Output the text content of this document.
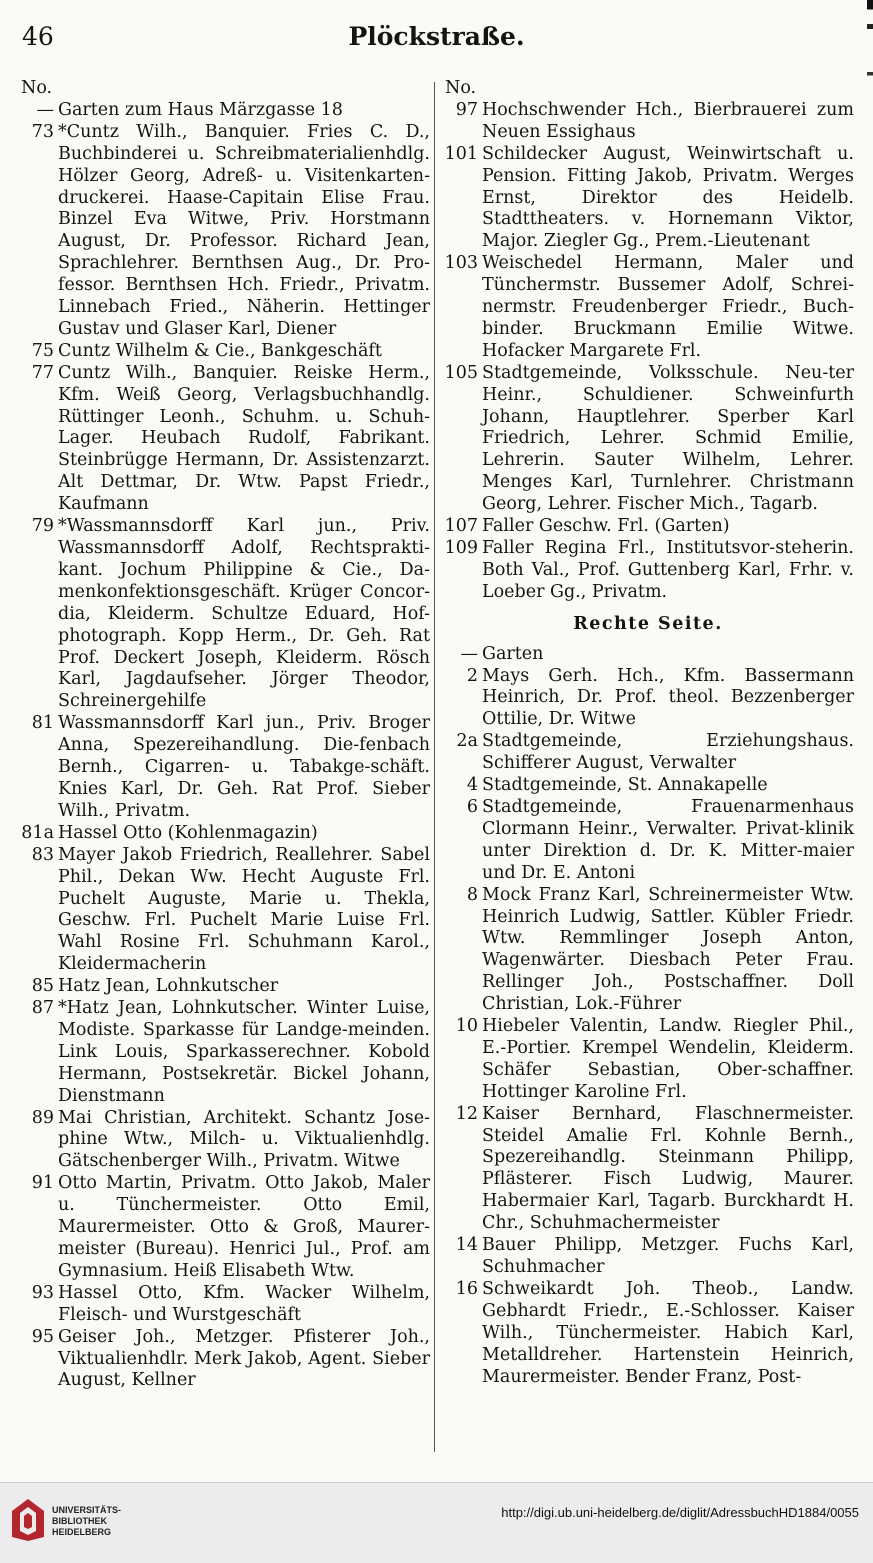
46	Plöckstraße.
No.
— Garten zum Haus Märzgasse 18
73 *Cuntz Wilh., Banquier. Fries C. D., Buchbinderei u. Schreibmaterialienhdlg. Hölzer Georg, Adreß- u. Visitenkarten-druckerei. Haase-Capitain Elise Frau. Binzel Eva Witwe, Priv. Horstmann August, Dr. Professor. Richard Jean, Sprachlehrer. Bernthsen Aug., Dr. Pro-fessor. Bernthsen Hch. Friedr., Privatm. Linnebach Fried., Näherin. Hettinger Gustav und Glaser Karl, Diener
75 Cuntz Wilhelm & Cie., Bankgeschäft
77 Cuntz Wilh., Banquier. Reiske Herm., Kfm. Weiß Georg, Verlagsbuchhandlg. Rüttinger Leonh., Schuhm. u. Schuh-Lager. Heubach Rudolf, Fabrikant. Steinbrügge Hermann, Dr. Assistenzarzt. Alt Dettmar, Dr. Wtw. Papst Friedr., Kaufmann
79 *Wassmannsdorff Karl jun., Priv. Wassmannsdorff Adolf, Rechtsprakti-kant. Jochum Philippine & Cie., Da-menkonfektionsgeschäft. Krüger Concor-dia, Kleiderm. Schultze Eduard, Hof-photograph. Kopp Herm., Dr. Geh. Rat Prof. Deckert Joseph, Kleiderm. Rösch Karl, Jagdaufseher. Jörger Theodor, Schreinergehilfe
81 Wassmannsdorff Karl jun., Priv. Broger Anna, Spezereihandlung. Die-fenbach Bernh., Cigarren- u. Tabakge-schäft. Knies Karl, Dr. Geh. Rat Prof. Sieber Wilh., Privatm.
81a Hassel Otto (Kohlenmagazin)
83 Mayer Jakob Friedrich, Reallehrer. Sabel Phil., Dekan Ww. Hecht Auguste Frl. Puchelt Auguste, Marie u. Thekla, Geschw. Frl. Puchelt Marie Luise Frl. Wahl Rosine Frl. Schuhmann Karol., Kleidermacherin
85 Hatz Jean, Lohnkutscher
87 *Hatz Jean, Lohnkutscher. Winter Luise, Modiste. Sparkasse für Landge-meinden. Link Louis, Sparkasserechner. Kobold Hermann, Postsekretär. Bickel Johann, Dienstmann
89 Mai Christian, Architekt. Schantz Jose-phine Wtw., Milch- u. Viktualienhdlg. Gätschenberger Wilh., Privatm. Witwe
91 Otto Martin, Privatm. Otto Jakob, Maler u. Tünchermeister. Otto Emil, Maurermeister. Otto & Groß, Maurer-meister (Bureau). Henrici Jul., Prof. am Gymnasium. Heiß Elisabeth Wtw.
93 Hassel Otto, Kfm. Wacker Wilhelm, Fleisch- und Wurstgeschäft
95 Geiser Joh., Metzger. Pfisterer Joh., Viktualienhdlr. Merk Jakob, Agent. Sieber August, Kellner
No.
97 Hochschwender Hch., Bierbrauerei zum Neuen Essighaus
101 Schildecker August, Weinwirtschaft u. Pension. Fitting Jakob, Privatm. Werges Ernst, Direktor des Heidelb. Stadttheaters. v. Hornemann Viktor, Major. Ziegler Gg., Prem.-Lieutenant
103 Weischedel Hermann, Maler und Tünchermstr. Bussemer Adolf, Schrei-nermstr. Freudenberger Friedr., Buch-binder. Bruckmann Emilie Witwe. Hofacker Margarete Frl.
105 Stadtgemeinde, Volksschule. Neu-ter Heinr., Schuldiener. Schweinfurth Johann, Hauptlehrer. Sperber Karl Friedrich, Lehrer. Schmid Emilie, Lehrerin. Sauter Wilhelm, Lehrer. Menges Karl, Turnlehrer. Christmann Georg, Lehrer. Fischer Mich., Tagarb.
107 Faller Geschw. Frl. (Garten)
109 Faller Regina Frl., Institutsvor-steherin. Both Val., Prof. Guttenberg Karl, Frhr. v. Loeber Gg., Privatm.
Rechte Seite.
— Garten
2 Mays Gerh. Hch., Kfm. Bassermann Heinrich, Dr. Prof. theol. Bezzenberger Ottilie, Dr. Witwe
2a Stadtgemeinde, Erziehungshaus. Schifferer August, Verwalter
4 Stadtgemeinde, St. Annakapelle
6 Stadtgemeinde, Frauenarmenhaus Clormann Heinr., Verwalter. Privat-klinik unter Direktion d. Dr. K. Mitter-maier und Dr. E. Antoni
8 Mock Franz Karl, Schreinermeister Wtw. Heinrich Ludwig, Sattler. Kübler Friedr. Wtw. Remmlinger Joseph Anton, Wagenwärter. Diesbach Peter Frau. Rellinger Joh., Postschaffner. Doll Christian, Lok.-Führer
10 Hiebeler Valentin, Landw. Riegler Phil., E.-Portier. Krempel Wendelin, Kleiderm. Schäfer Sebastian, Ober-schaffner. Hottinger Karoline Frl.
12 Kaiser Bernhard, Flaschnermeister. Steidel Amalie Frl. Kohnle Bernh., Spezereihandlg. Steinmann Philipp, Pflästerer. Fisch Ludwig, Maurer. Habermaier Karl, Tagarb. Burckhardt H. Chr., Schuhmachermeister
14 Bauer Philipp, Metzger. Fuchs Karl, Schuhmacher
16 Schweikardt Joh. Theob., Landw. Gebhardt Friedr., E.-Schlosser. Kaiser Wilh., Tünchermeister. Habich Karl, Metalldreher. Hartenstein Heinrich, Maurermeister. Bender Franz, Post-
UNIVERSITÄTS-
BIBLIOTHEK
HEIDELBERG
http://digi.ub.uni-heidelberg.de/diglit/AdressbuchHD1884/0055
